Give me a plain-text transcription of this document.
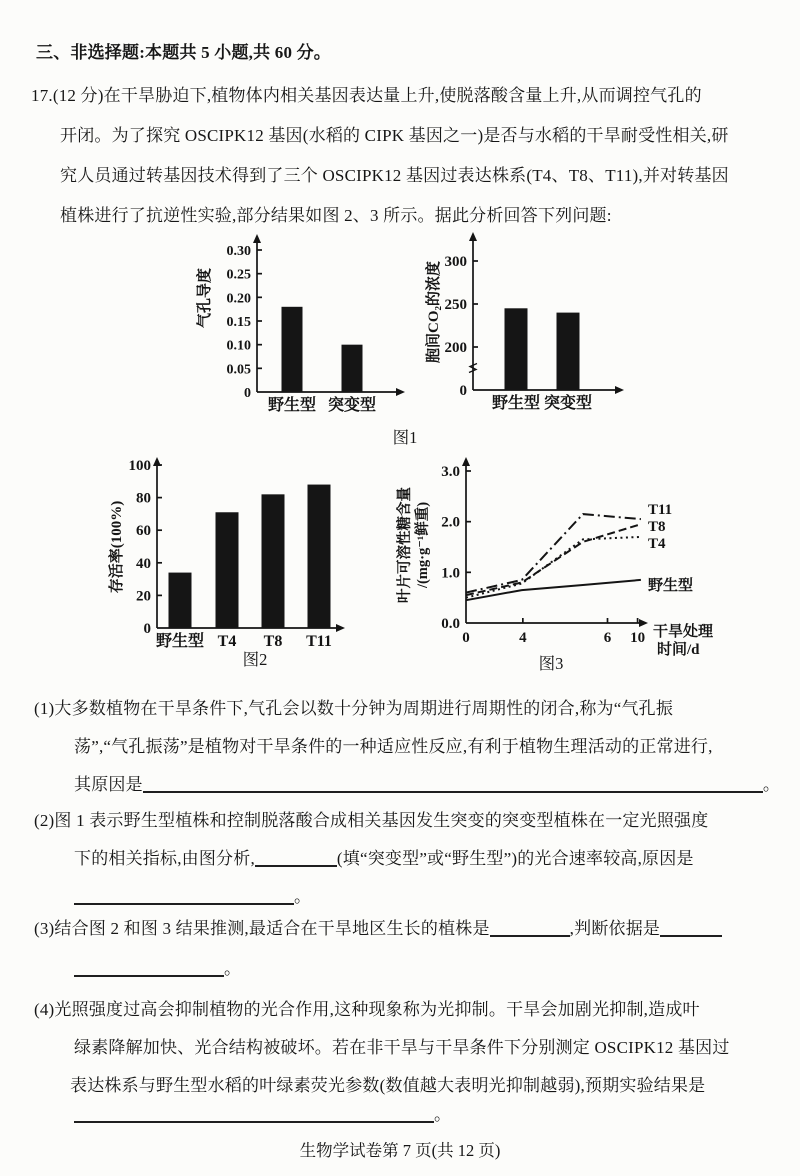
三、非选择题:本题共 5 小题,共 60 分。
17.(12 分)在干旱胁迫下,植物体内相关基因表达量上升,使脱落酸含量上升,从而调控气孔的
开闭。为了探究 OSCIPK12 基因(水稻的 CIPK 基因之一)是否与水稻的干旱耐受性相关,研
究人员通过转基因技术得到了三个 OSCIPK12 基因过表达株系(T4、T8、T11),并对转基因
植株进行了抗逆性实验,部分结果如图 2、3 所示。据此分析回答下列问题:
0
0.05
0.10
0.15
0.20
0.25
0.30
野生型 突变型
气孔导度
0
200
250
300
野生型 突变型
胞间CO₂的浓度
图1
0
20
40
60
80
100
野生型 T4 T8 T11
存活率(100%)
0.0
1.0
2.0
3.0
0	4	6 10 干旱处理
时间/d
T11
T8
T4
野生型
叶片可溶性糖含量 /(mg·g⁻¹鲜重)
图2	图3
(1)大多数植物在干旱条件下,气孔会以数十分钟为周期进行周期性的闭合,称为“气孔振
荡”,“气孔振荡”是植物对干旱条件的一种适应性反应,有利于植物生理活动的正常进行,
其原因是	。
(2)图 1 表示野生型植株和控制脱落酸合成相关基因发生突变的突变型植株在一定光照强度
下的相关指标,由图分析,	(填“突变型”或“野生型”)的光合速率较高,原因是
。
(3)结合图 2 和图 3 结果推测,最适合在干旱地区生长的植株是	,判断依据是
。
(4)光照强度过高会抑制植物的光合作用,这种现象称为光抑制。干旱会加剧光抑制,造成叶
绿素降解加快、光合结构被破坏。若在非干旱与干旱条件下分别测定 OSCIPK12 基因过
表达株系与野生型水稻的叶绿素荧光参数(数值越大表明光抑制越弱),预期实验结果是
。
生物学试卷第 7 页(共 12 页)
